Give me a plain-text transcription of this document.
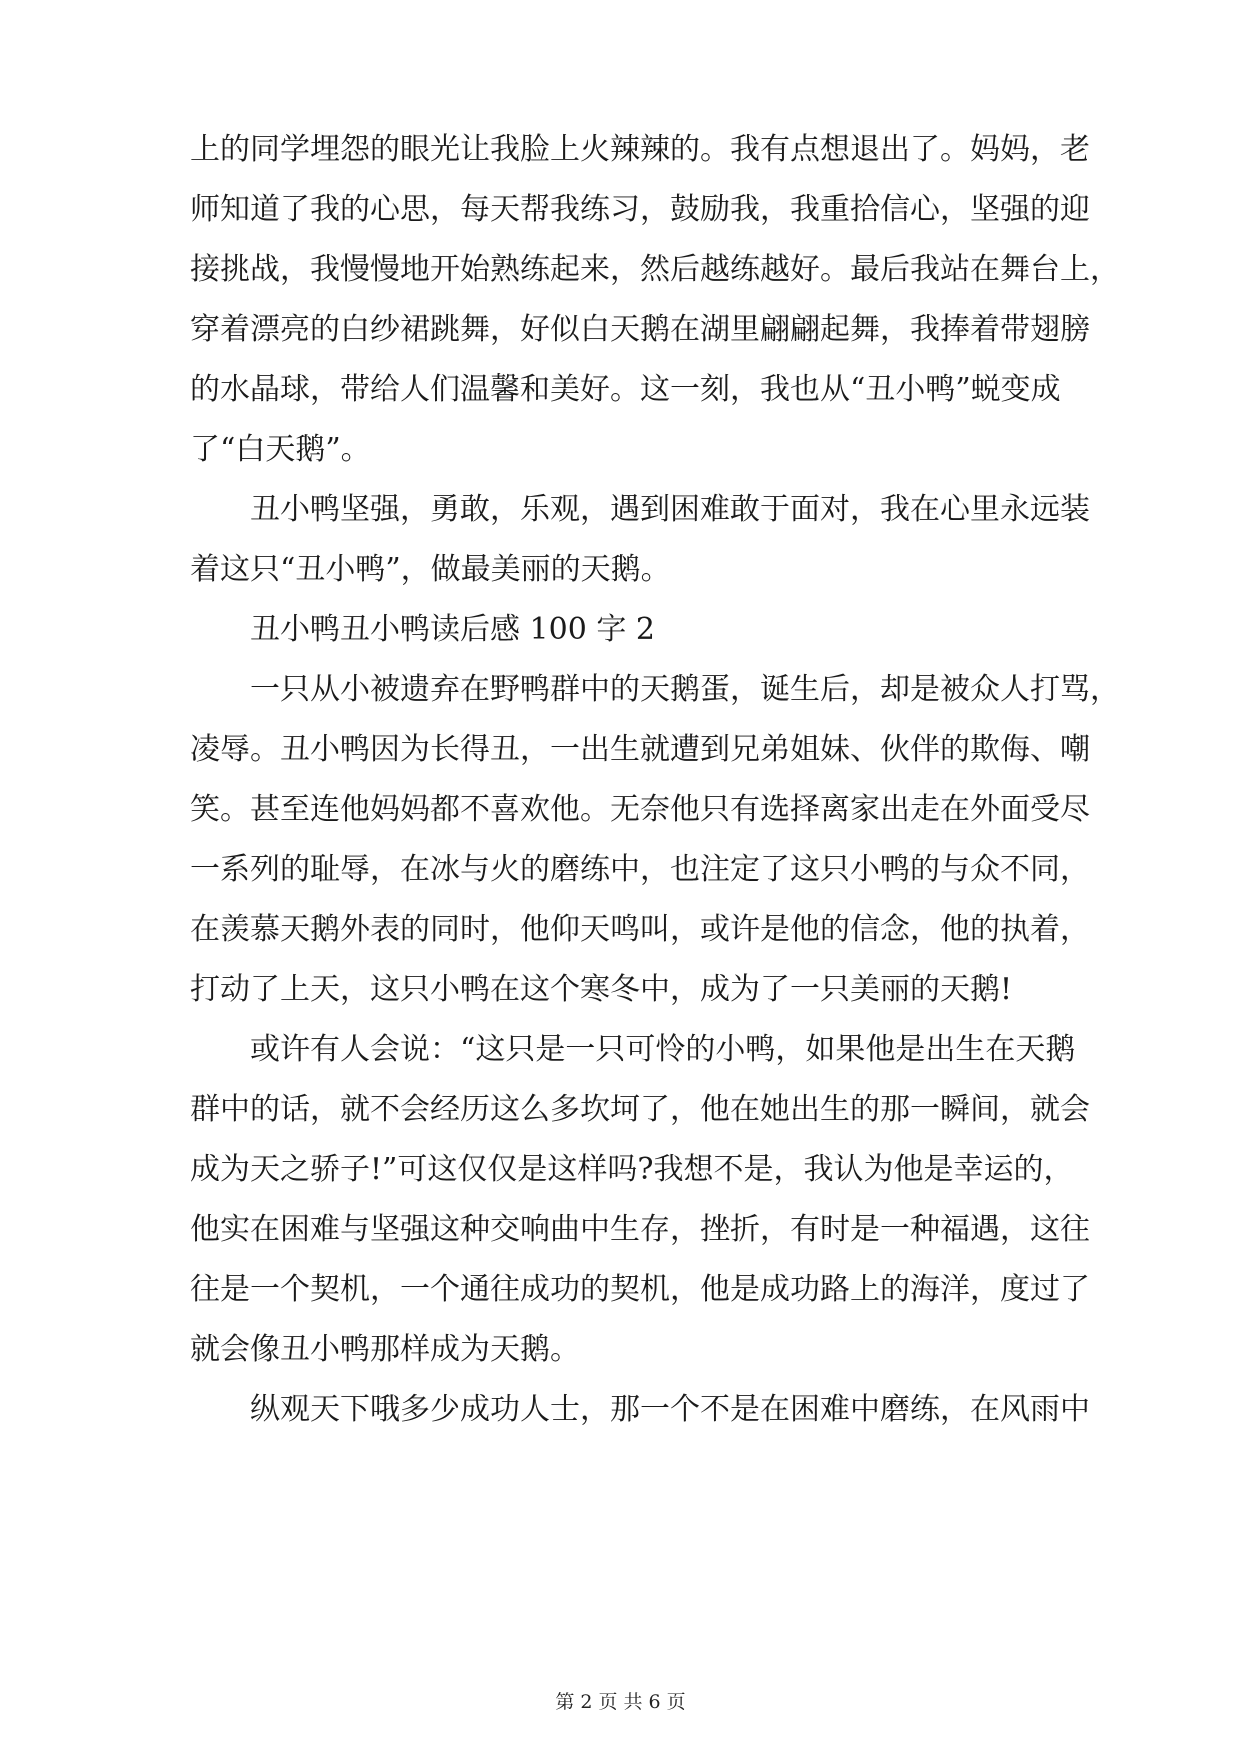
上的同学埋怨的眼光让我脸上火辣辣的。我有点想退出了。妈妈，老
师知道了我的心思，每天帮我练习，鼓励我，我重拾信心，坚强的迎
接挑战，我慢慢地开始熟练起来，然后越练越好。最后我站在舞台上，
穿着漂亮的白纱裙跳舞，好似白天鹅在湖里翩翩起舞，我捧着带翅膀
的水晶球，带给人们温馨和美好。这一刻，我也从“丑小鸭”蜕变成
了“白天鹅”。
丑小鸭坚强，勇敢，乐观，遇到困难敢于面对，我在心里永远装
着这只“丑小鸭”，做最美丽的天鹅。
丑小鸭丑小鸭读后感 100 字 2
一只从小被遗弃在野鸭群中的天鹅蛋，诞生后，却是被众人打骂，
凌辱。丑小鸭因为长得丑，一出生就遭到兄弟姐妹、伙伴的欺侮、嘲
笑。甚至连他妈妈都不喜欢他。无奈他只有选择离家出走在外面受尽
一系列的耻辱，在冰与火的磨练中，也注定了这只小鸭的与众不同，
在羡慕天鹅外表的同时，他仰天鸣叫，或许是他的信念，他的执着，
打动了上天，这只小鸭在这个寒冬中，成为了一只美丽的天鹅!
或许有人会说：“这只是一只可怜的小鸭，如果他是出生在天鹅
群中的话，就不会经历这么多坎坷了，他在她出生的那一瞬间，就会
成为天之骄子!”可这仅仅是这样吗?我想不是，我认为他是幸运的，
他实在困难与坚强这种交响曲中生存，挫折，有时是一种福遇，这往
往是一个契机，一个通往成功的契机，他是成功路上的海洋，度过了
就会像丑小鸭那样成为天鹅。
纵观天下哦多少成功人士，那一个不是在困难中磨练，在风雨中
第 2 页 共 6 页
